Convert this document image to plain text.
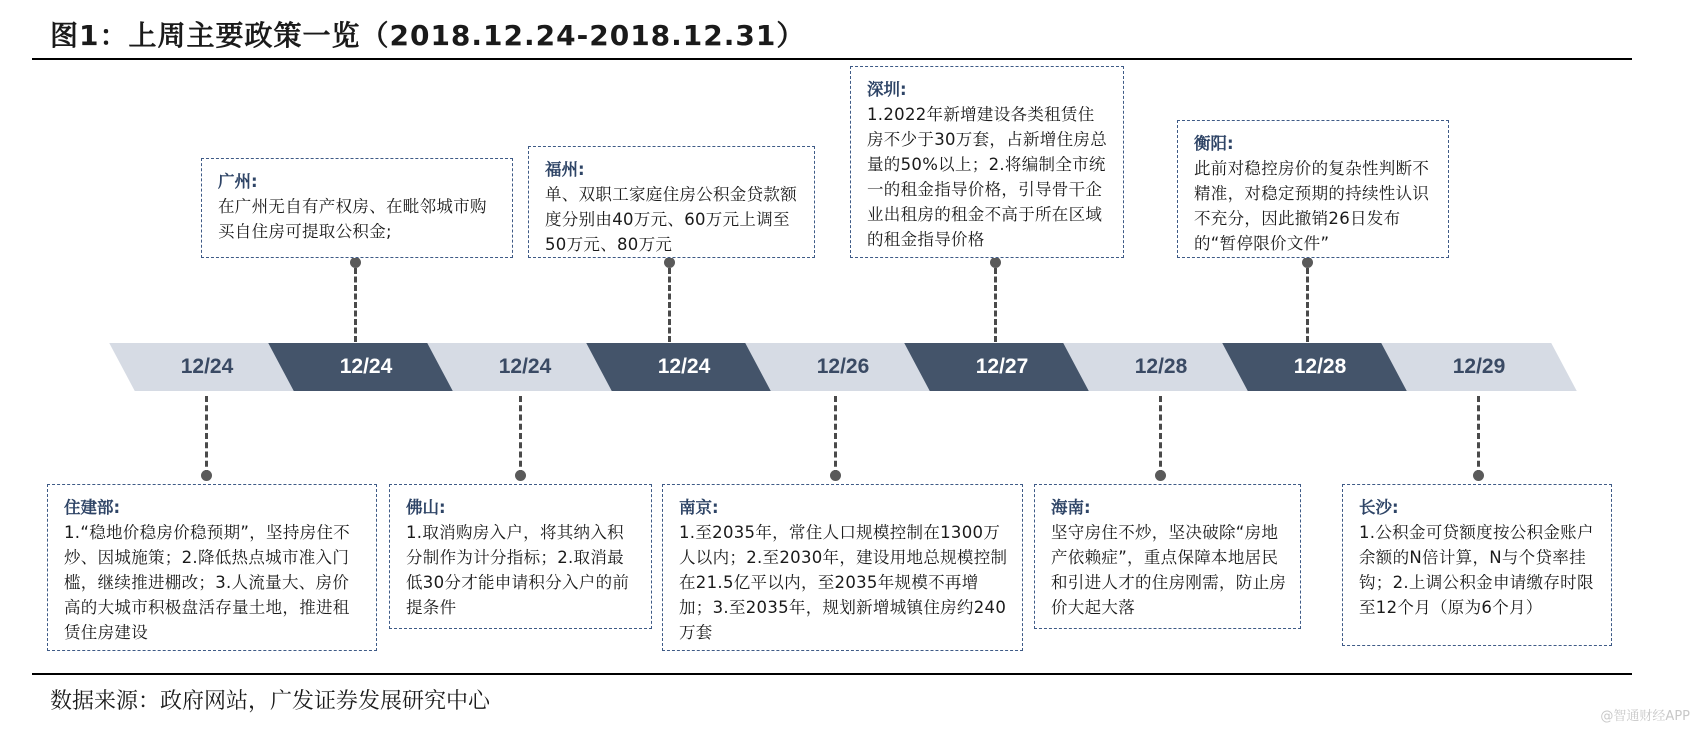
图1：上周主要政策一览（2018.12.24-2018.12.31）
12/24	12/24	12/24	12/24	12/26	12/27	12/28	12/28	12/29
广州:
在广州无自有产权房、在毗邻城市购买自住房可提取公积金;
福州:
单、双职工家庭住房公积金贷款额度分别由40万元、60万元上调至50万元、80万元
深圳:
1.2022年新增建设各类租赁住房不少于30万套，占新增住房总量的50%以上；2.将编制全市统一的租金指导价格，引导骨干企业出租房的租金不高于所在区域的租金指导价格
衡阳:
此前对稳控房价的复杂性判断不精准，对稳定预期的持续性认识不充分，因此撤销26日发布的“暂停限价文件”
住建部:
1.“稳地价稳房价稳预期”，坚持房住不炒、因城施策；2.降低热点城市准入门槛，继续推进棚改；3.人流量大、房价高的大城市积极盘活存量土地，推进租赁住房建设
佛山:
1.取消购房入户，将其纳入积分制作为计分指标；2.取消最低30分才能申请积分入户的前提条件
南京:
1.至2035年，常住人口规模控制在1300万人以内；2.至2030年，建设用地总规模控制在21.5亿平以内，至2035年规模不再增加；3.至2035年，规划新增城镇住房约240万套
海南:
坚守房住不炒，坚决破除“房地产依赖症”，重点保障本地居民和引进人才的住房刚需，防止房价大起大落
长沙:
1.公积金可贷额度按公积金账户余额的N倍计算，N与个贷率挂钩；2.上调公积金申请缴存时限至12个月（原为6个月）
数据来源：政府网站，广发证券发展研究中心
@智通财经APP
